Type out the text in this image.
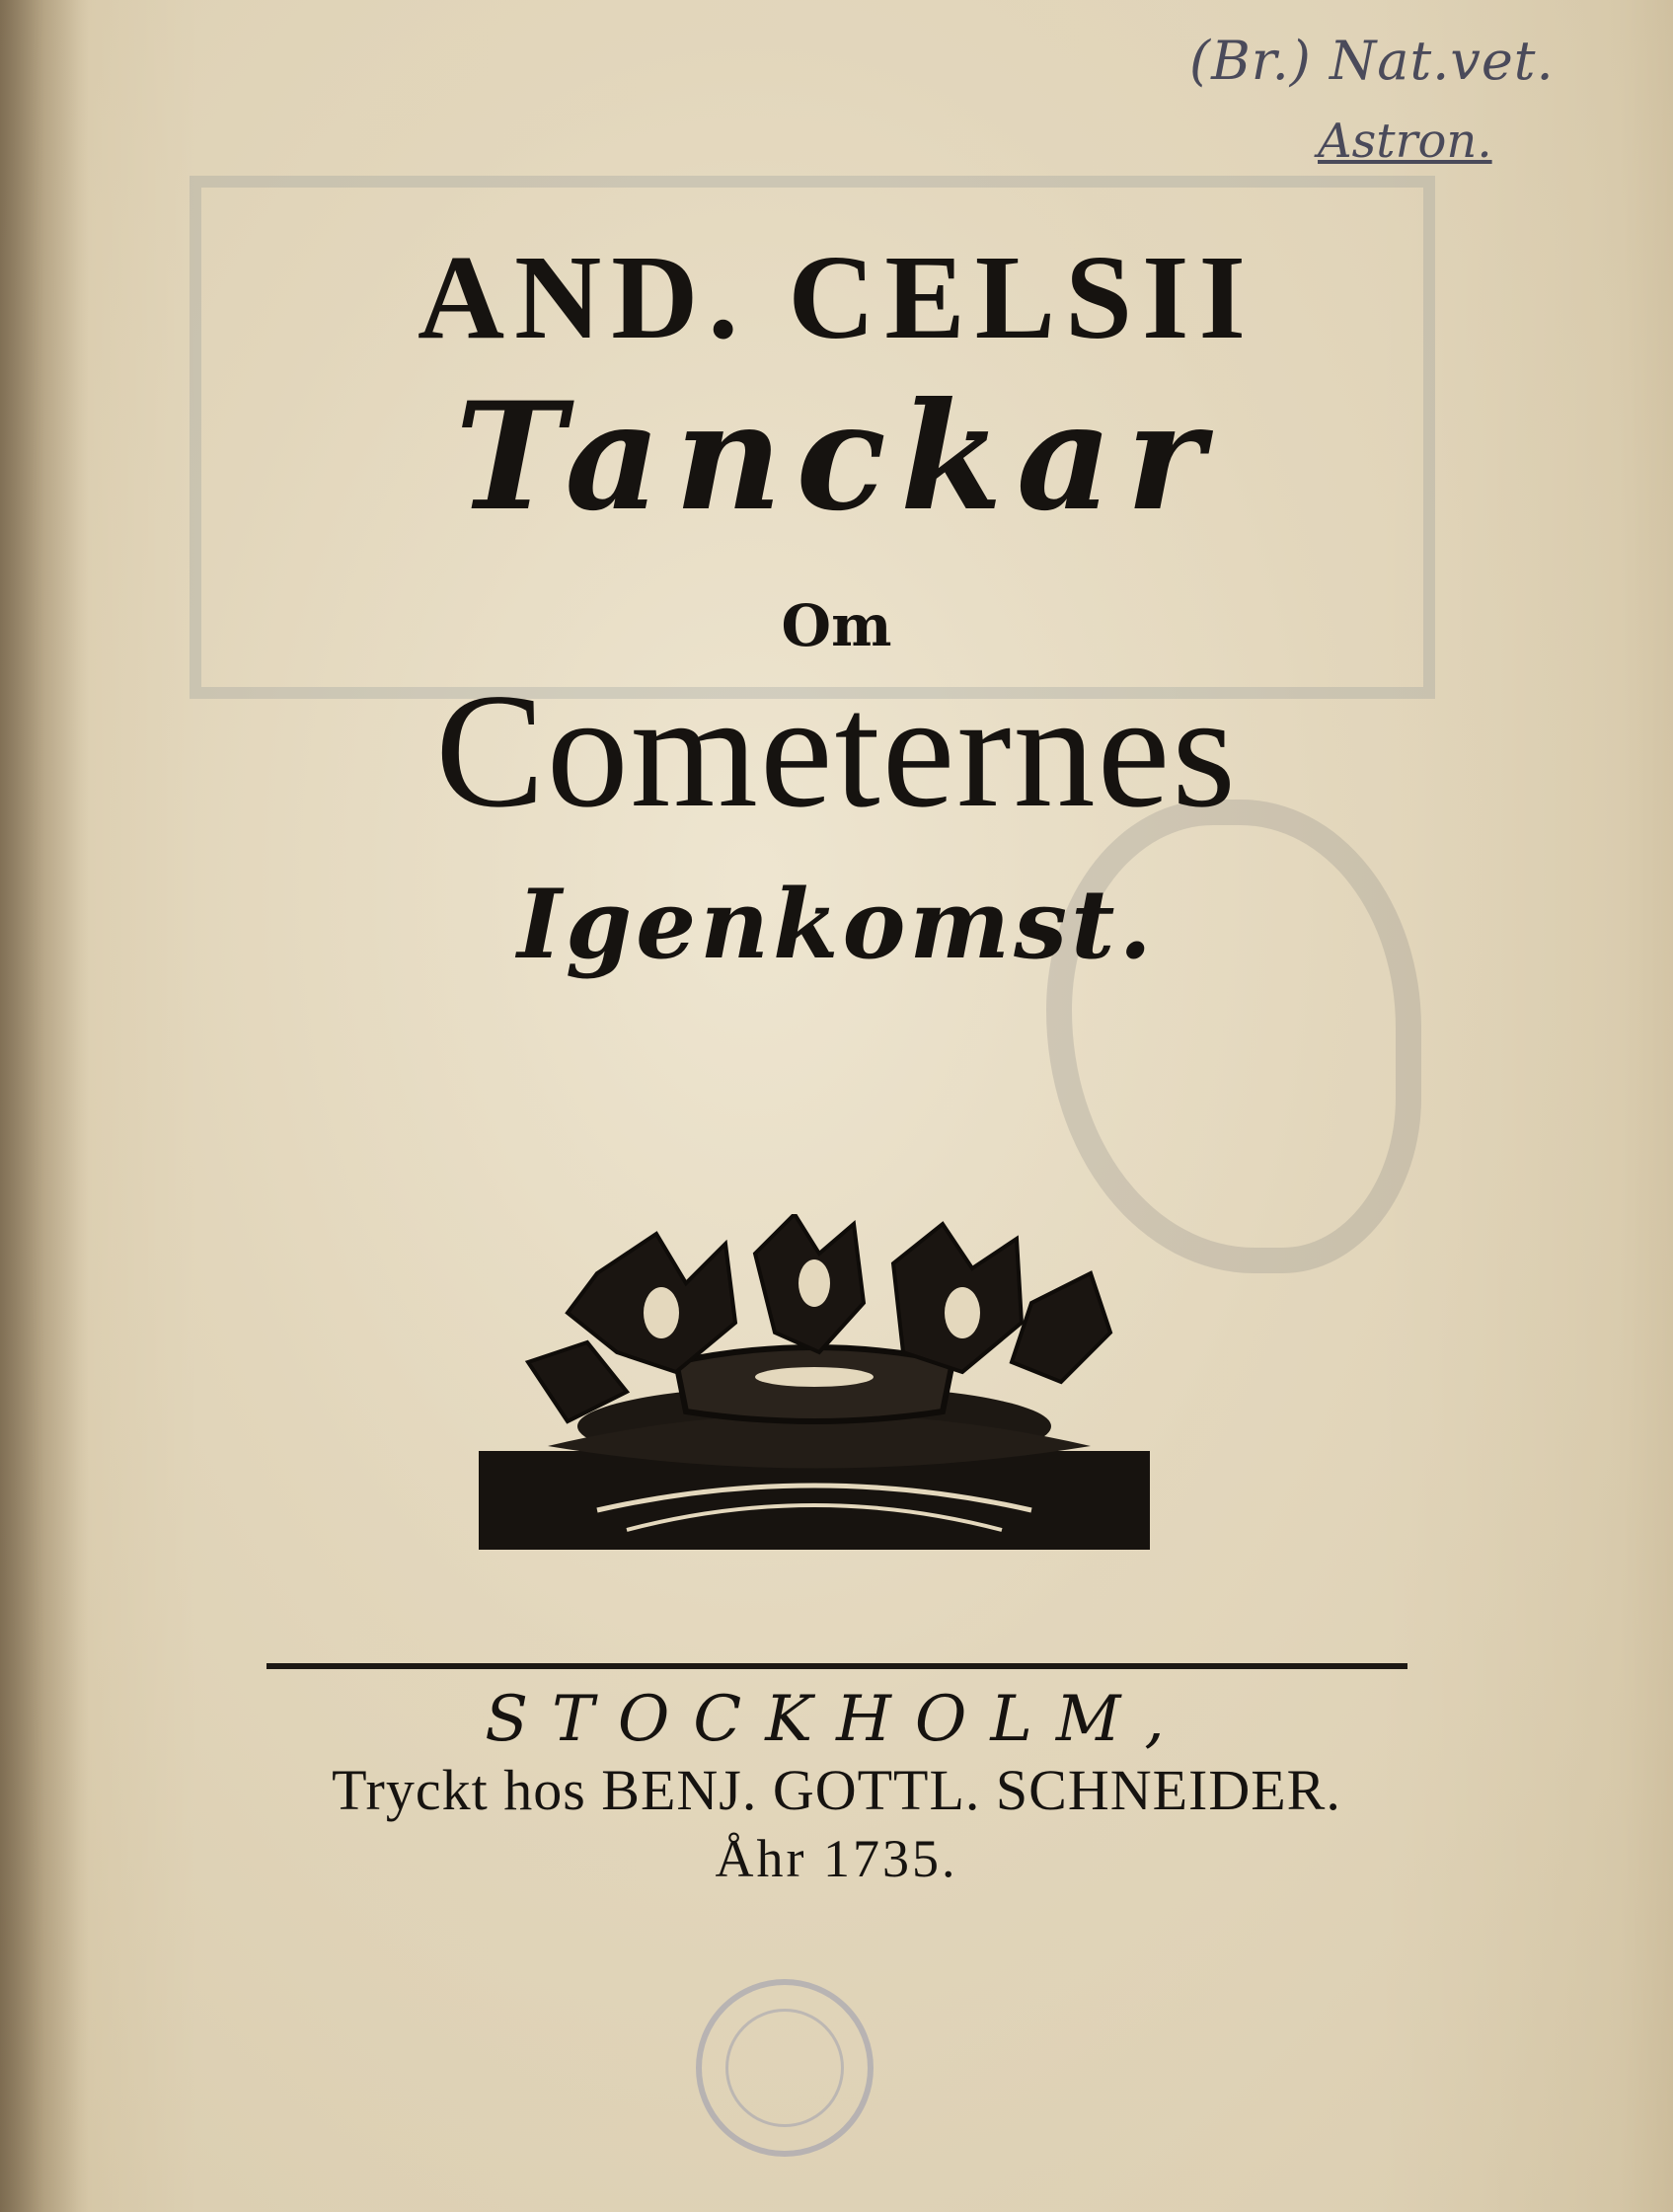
(Br.) Nat.vet.
Astron.
AND. CELSII
Tanckar
Om
Cometernes
Igenkomst.
STOCKHOLM,
Tryckt hos BENJ. GOTTL. SCHNEIDER.
Åhr 1735.
